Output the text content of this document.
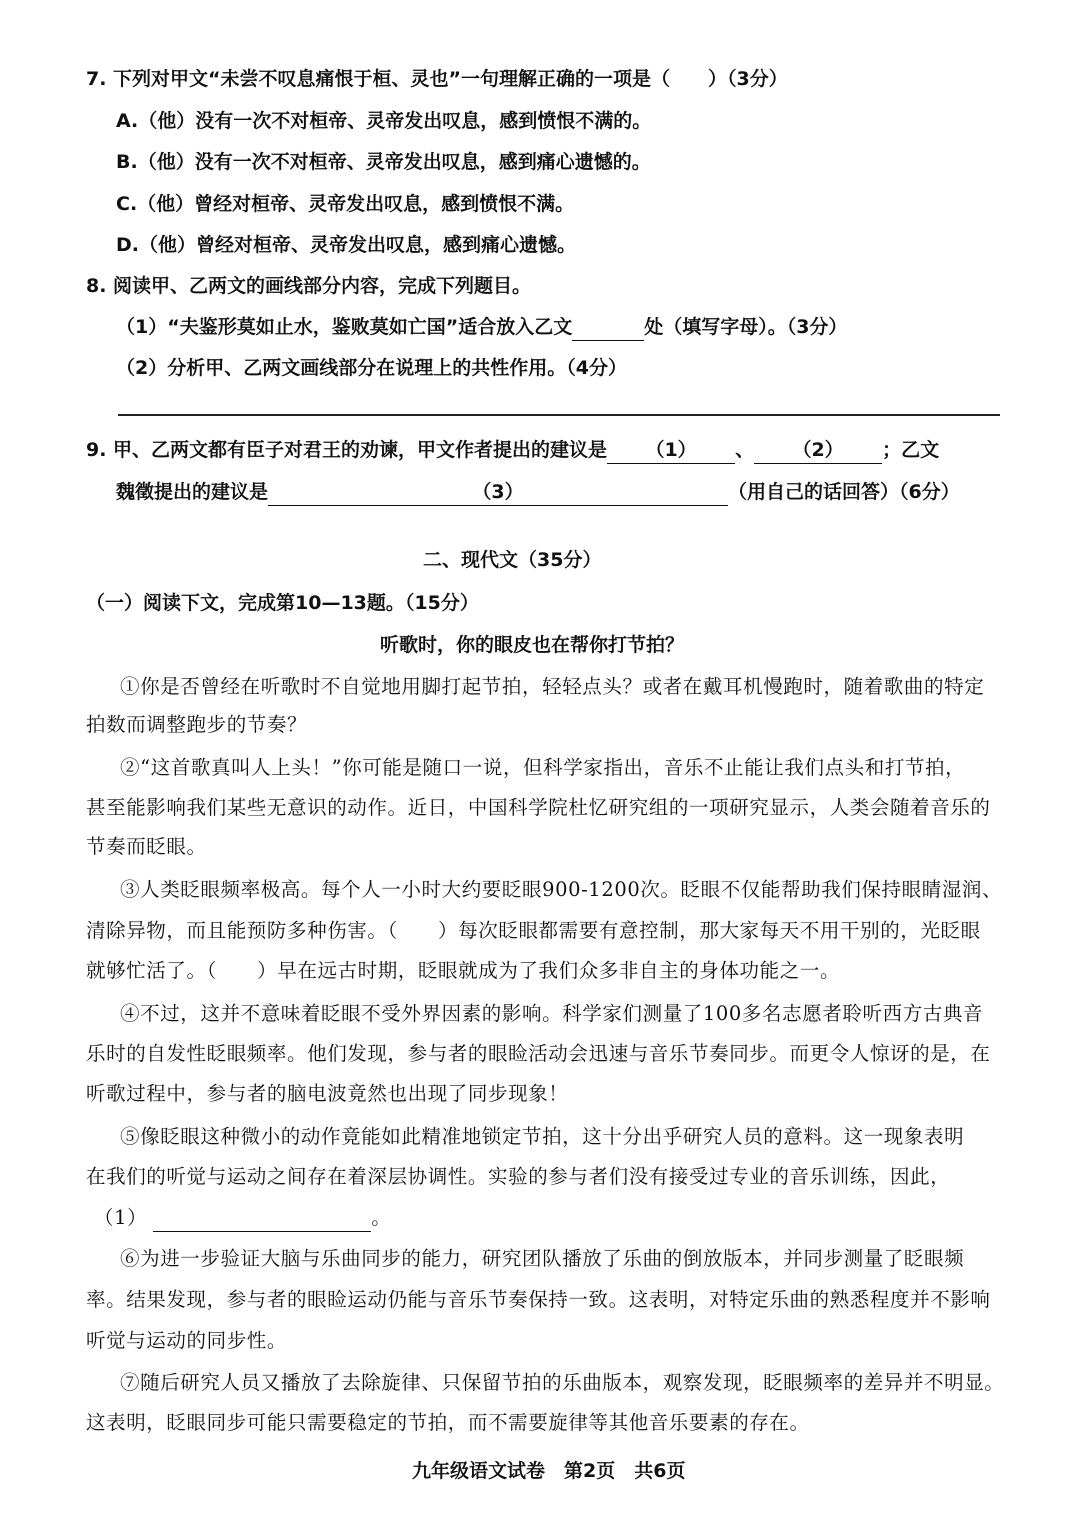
7. 下列对甲文“未尝不叹息痛恨于桓、灵也”一句理解正确的一项是（　　）（3分）
A.（他）没有一次不对桓帝、灵帝发出叹息，感到愤恨不满的。
B.（他）没有一次不对桓帝、灵帝发出叹息，感到痛心遗憾的。
C.（他）曾经对桓帝、灵帝发出叹息，感到愤恨不满。
D.（他）曾经对桓帝、灵帝发出叹息，感到痛心遗憾。
8. 阅读甲、乙两文的画线部分内容，完成下列题目。
（1）“夫鉴形莫如止水，鉴败莫如亡国”适合放入乙文	处（填写字母）。（3分）
（2）分析甲、乙两文画线部分在说理上的共性作用。（4分）
9. 甲、乙两文都有臣子对君王的劝谏，甲文作者提出的建议是 （1） 、 （2） ；乙文
魏徵提出的建议是	（3）	（用自己的话回答）（6分）
二、现代文（35分）
（一）阅读下文，完成第10—13题。（15分）
听歌时，你的眼皮也在帮你打节拍？
①你是否曾经在听歌时不自觉地用脚打起节拍，轻轻点头？或者在戴耳机慢跑时，随着歌曲的特定
拍数而调整跑步的节奏？
②“这首歌真叫人上头！”你可能是随口一说，但科学家指出，音乐不止能让我们点头和打节拍，
甚至能影响我们某些无意识的动作。近日，中国科学院杜忆研究组的一项研究显示，人类会随着音乐的
节奏而眨眼。
③人类眨眼频率极高。每个人一小时大约要眨眼900-1200次。眨眼不仅能帮助我们保持眼睛湿润、
清除异物，而且能预防多种伤害。（　　）每次眨眼都需要有意控制，那大家每天不用干别的，光眨眼
就够忙活了。（　　）早在远古时期，眨眼就成为了我们众多非自主的身体功能之一。
④不过，这并不意味着眨眼不受外界因素的影响。科学家们测量了100多名志愿者聆听西方古典音
乐时的自发性眨眼频率。他们发现，参与者的眼睑活动会迅速与音乐节奏同步。而更令人惊讶的是，在
听歌过程中，参与者的脑电波竟然也出现了同步现象！
⑤像眨眼这种微小的动作竟能如此精准地锁定节拍，这十分出乎研究人员的意料。这一现象表明
在我们的听觉与运动之间存在着深层协调性。实验的参与者们没有接受过专业的音乐训练，因此，
（1）	。
⑥为进一步验证大脑与乐曲同步的能力，研究团队播放了乐曲的倒放版本，并同步测量了眨眼频
率。结果发现，参与者的眼睑运动仍能与音乐节奏保持一致。这表明，对特定乐曲的熟悉程度并不影响
听觉与运动的同步性。
⑦随后研究人员又播放了去除旋律、只保留节拍的乐曲版本，观察发现，眨眼频率的差异并不明显。
这表明，眨眼同步可能只需要稳定的节拍，而不需要旋律等其他音乐要素的存在。
九年级语文试卷　第2页　共6页
